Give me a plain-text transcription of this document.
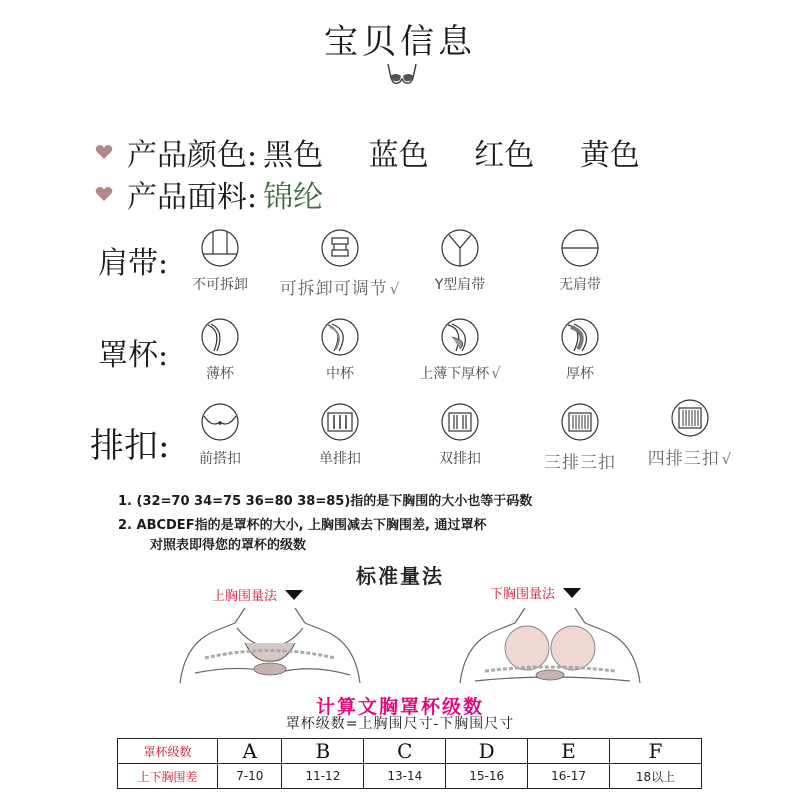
宝贝信息
产品颜色: 黑色 蓝色 红色 黄色
产品面料: 锦纶
肩带:
不可拆卸	可拆卸可调节 √	Y型肩带	无肩带
罩杯:
薄杯	中杯	上薄下厚杯 √	厚杯
排扣:	前搭扣	单排扣	双排扣	三排三扣	四排三扣 √
1. (32=70 34=75 36=80 38=85)指的是下胸围的大小也等于码数
2. ABCDEF指的是罩杯的大小, 上胸围减去下胸围差, 通过罩杯
对照表即得您的罩杯的级数
标准量法
上胸围量法	下胸围量法
计算文胸罩杯级数
罩杯级数=上胸围尺寸-下胸围尺寸
罩杯级数	A	B	C	D	E	F
上下胸围差	7-10	11-12	13-14	15-16	16-17	18以上
